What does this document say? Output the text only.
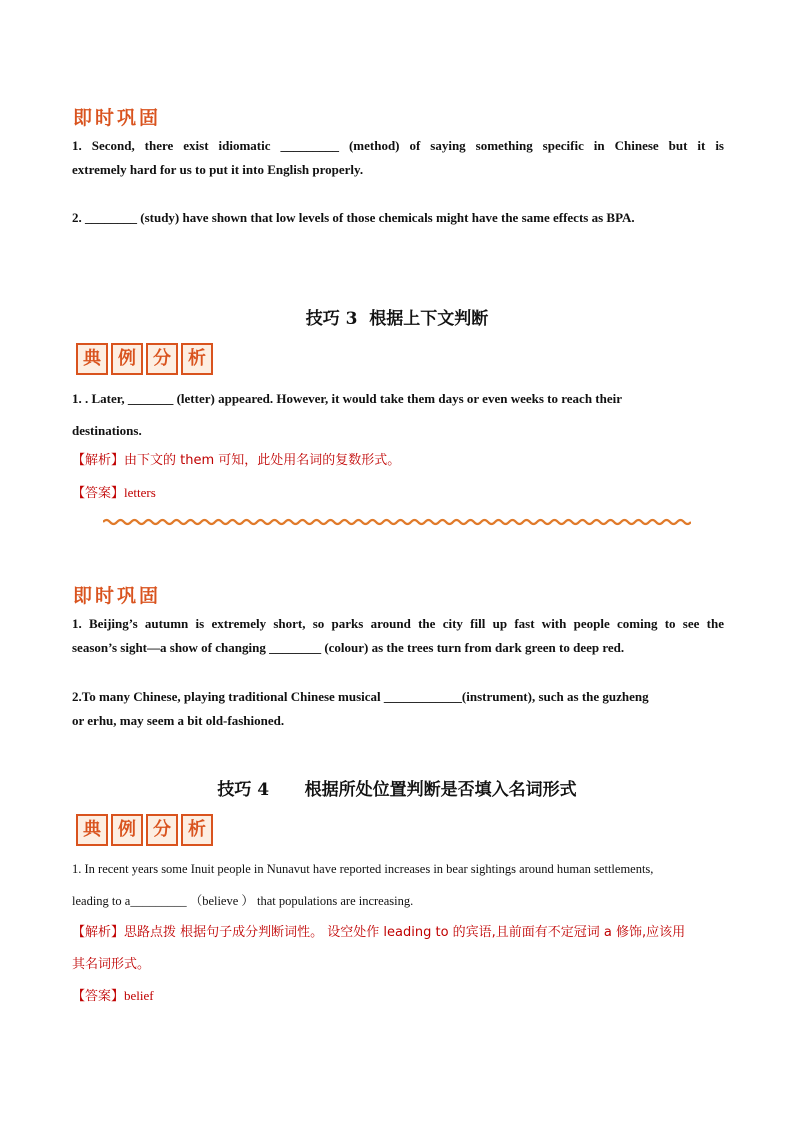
即时巩固
1. Second, there exist idiomatic _________ (method) of saying something specific in Chinese but it is
extremely hard for us to put it into English properly.
2. ________ (study) have shown that low levels of those chemicals might have the same effects as BPA.
技巧 3  根据上下文判断
典 例 分 析
1. . Later, _______ (letter) appeared. However, it would take them days or even weeks to reach their
destinations.
【解析】由下文的 them 可知，此处用名词的复数形式。
【答案】letters
即时巩固
1. Beijing’s autumn is extremely short, so parks around the city fill up fast with people coming to see the
season’s sight—a show of changing ________ (colour) as the trees turn from dark green to deep red.
2.To many Chinese, playing traditional Chinese musical ____________(instrument), such as the guzheng
or erhu, may seem a bit old-fashioned.
技巧 4      根据所处位置判断是否填入名词形式
典 例 分 析
1. In recent years some Inuit people in Nunavut have reported increases in bear sightings around human settlements,
leading to a_________ （believe ） that populations are increasing.
【解析】思路点拨 根据句子成分判断词性。 设空处作 leading to 的宾语,且前面有不定冠词 a 修饰,应该用
其名词形式。
【答案】belief
